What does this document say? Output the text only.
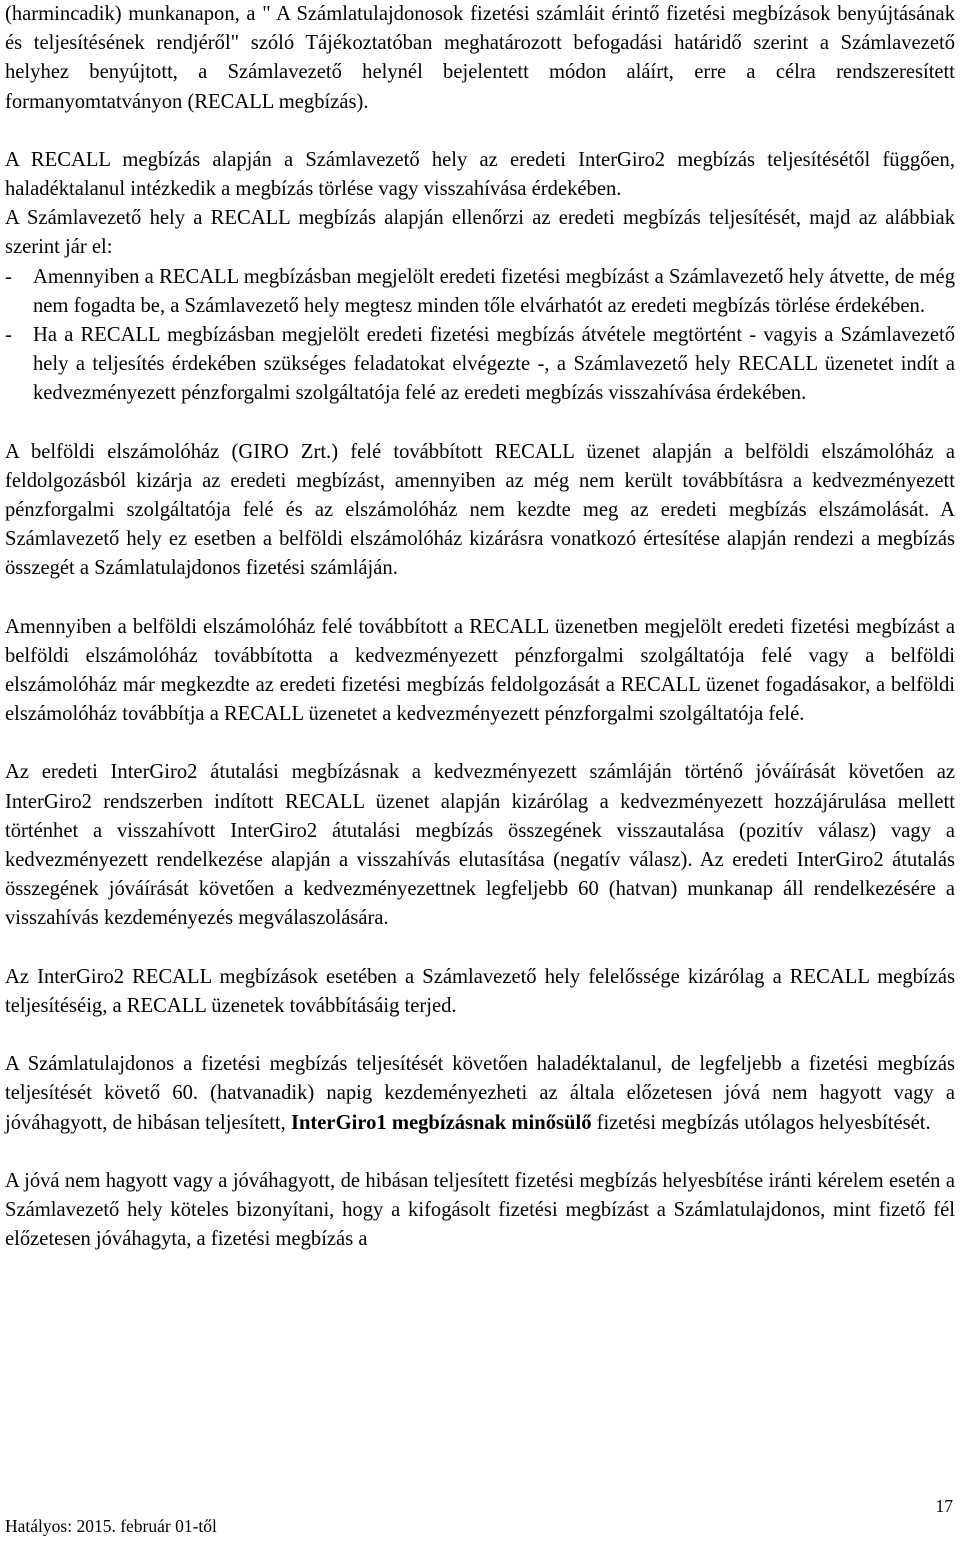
(harmincadik) munkanapon, a " A Számlatulajdonosok fizetési számláit érintő fizetési megbízások benyújtásának és teljesítésének rendjéről" szóló Tájékoztatóban meghatározott befogadási határidő szerint a Számlavezető helyhez benyújtott, a Számlavezető helynél bejelentett módon aláírt, erre a célra rendszeresített formanyomtatványon (RECALL megbízás).

A RECALL megbízás alapján a Számlavezető hely az eredeti InterGiro2 megbízás teljesítésétől függően, haladéktalanul intézkedik a megbízás törlése vagy visszahívása érdekében.

A Számlavezető hely a RECALL megbízás alapján ellenőrzi az eredeti megbízás teljesítését, majd az alábbiak szerint jár el:

-	Amennyiben a RECALL megbízásban megjelölt eredeti fizetési megbízást a Számlavezető hely átvette, de még nem fogadta be, a Számlavezető hely megtesz minden tőle elvárhatót az eredeti megbízás törlése érdekében.
-	Ha a RECALL megbízásban megjelölt eredeti fizetési megbízás átvétele megtörtént - vagyis a Számlavezető hely a teljesítés érdekében szükséges feladatokat elvégezte -, a Számlavezető hely RECALL üzenetet indít a kedvezményezett pénzforgalmi szolgáltatója felé az eredeti megbízás visszahívása érdekében.

A belföldi elszámolóház (GIRO Zrt.) felé továbbított RECALL üzenet alapján a belföldi elszámolóház a feldolgozásból kizárja az eredeti megbízást, amennyiben az még nem került továbbításra a kedvezményezett pénzforgalmi szolgáltatója felé és az elszámolóház nem kezdte meg az eredeti megbízás elszámolását. A Számlavezető hely ez esetben a belföldi elszámolóház kizárásra vonatkozó értesítése alapján rendezi a megbízás összegét a Számlatulajdonos fizetési számláján.

Amennyiben a belföldi elszámolóház felé továbbított a RECALL üzenetben megjelölt eredeti fizetési megbízást a belföldi elszámolóház továbbította a kedvezményezett pénzforgalmi szolgáltatója felé vagy a belföldi elszámolóház már megkezdte az eredeti fizetési megbízás feldolgozását a RECALL üzenet fogadásakor, a belföldi elszámolóház továbbítja a RECALL üzenetet a kedvezményezett pénzforgalmi szolgáltatója felé.

Az eredeti InterGiro2 átutalási megbízásnak a kedvezményezett számláján történő jóváírását követően az InterGiro2 rendszerben indított RECALL üzenet alapján kizárólag a kedvezményezett hozzájárulása mellett történhet a visszahívott InterGiro2 átutalási megbízás összegének visszautalása (pozitív válasz) vagy a kedvezményezett rendelkezése alapján a visszahívás elutasítása (negatív válasz). Az eredeti InterGiro2 átutalás összegének jóváírását követően a kedvezményezettnek legfeljebb 60 (hatvan) munkanap áll rendelkezésére a visszahívás kezdeményezés megválaszolására.

Az InterGiro2 RECALL megbízások esetében a Számlavezető hely felelőssége kizárólag a RECALL megbízás teljesítéséig, a RECALL üzenetek továbbításáig terjed.

A Számlatulajdonos a fizetési megbízás teljesítését követően haladéktalanul, de legfeljebb a fizetési megbízás teljesítését követő 60. (hatvanadik) napig kezdeményezheti az általa előzetesen jóvá nem hagyott vagy a jóváhagyott, de hibásan teljesített, InterGiro1 megbízásnak minősülő fizetési megbízás utólagos helyesbítését.

A jóvá nem hagyott vagy a jóváhagyott, de hibásan teljesített fizetési megbízás helyesbítése iránti kérelem esetén a Számlavezető hely köteles bizonyítani, hogy a kifogásolt fizetési megbízást a Számlatulajdonos, mint fizető fél előzetesen jóváhagyta, a fizetési megbízás a

17
Hatályos: 2015. február 01-től
